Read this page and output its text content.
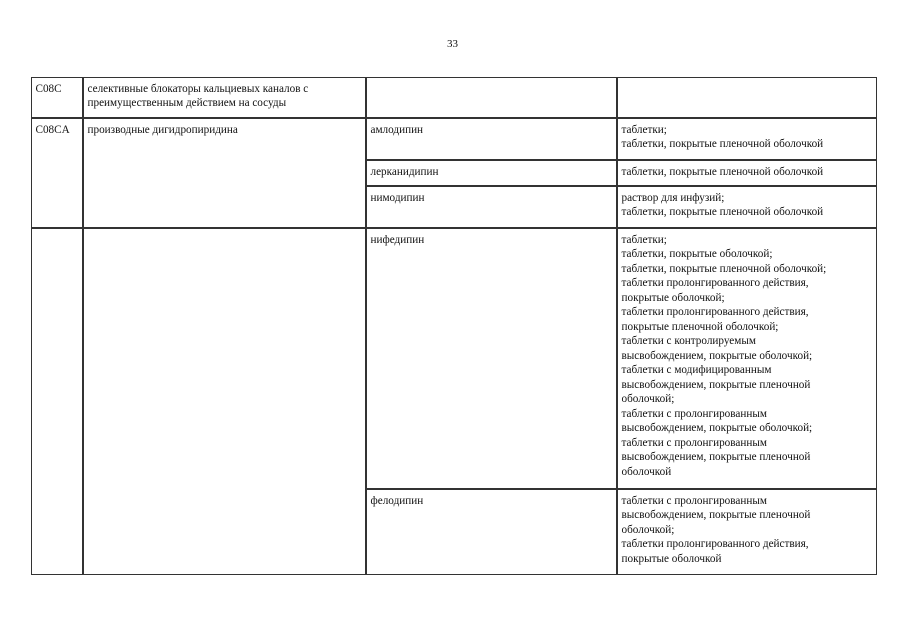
33
C08C	селективные блокаторы кальциевых каналов с
преимущественным действием на сосуды
C08CA	производные дигидропиридина	амлодипин	таблетки;
таблетки, покрытые пленочной оболочкой
лерканидипин	таблетки, покрытые пленочной оболочкой
нимодипин	раствор для инфузий;
таблетки, покрытые пленочной оболочкой
нифедипин	таблетки;
таблетки, покрытые оболочкой;
таблетки, покрытые пленочной оболочкой;
таблетки пролонгированного действия,
покрытые оболочкой;
таблетки пролонгированного действия,
покрытые пленочной оболочкой;
таблетки с контролируемым
высвобождением, покрытые оболочкой;
таблетки с модифицированным
высвобождением, покрытые пленочной
оболочкой;
таблетки с пролонгированным
высвобождением, покрытые оболочкой;
таблетки с пролонгированным
высвобождением, покрытые пленочной
оболочкой
фелодипин	таблетки с пролонгированным
высвобождением, покрытые пленочной
оболочкой;
таблетки пролонгированного действия,
покрытые оболочкой
